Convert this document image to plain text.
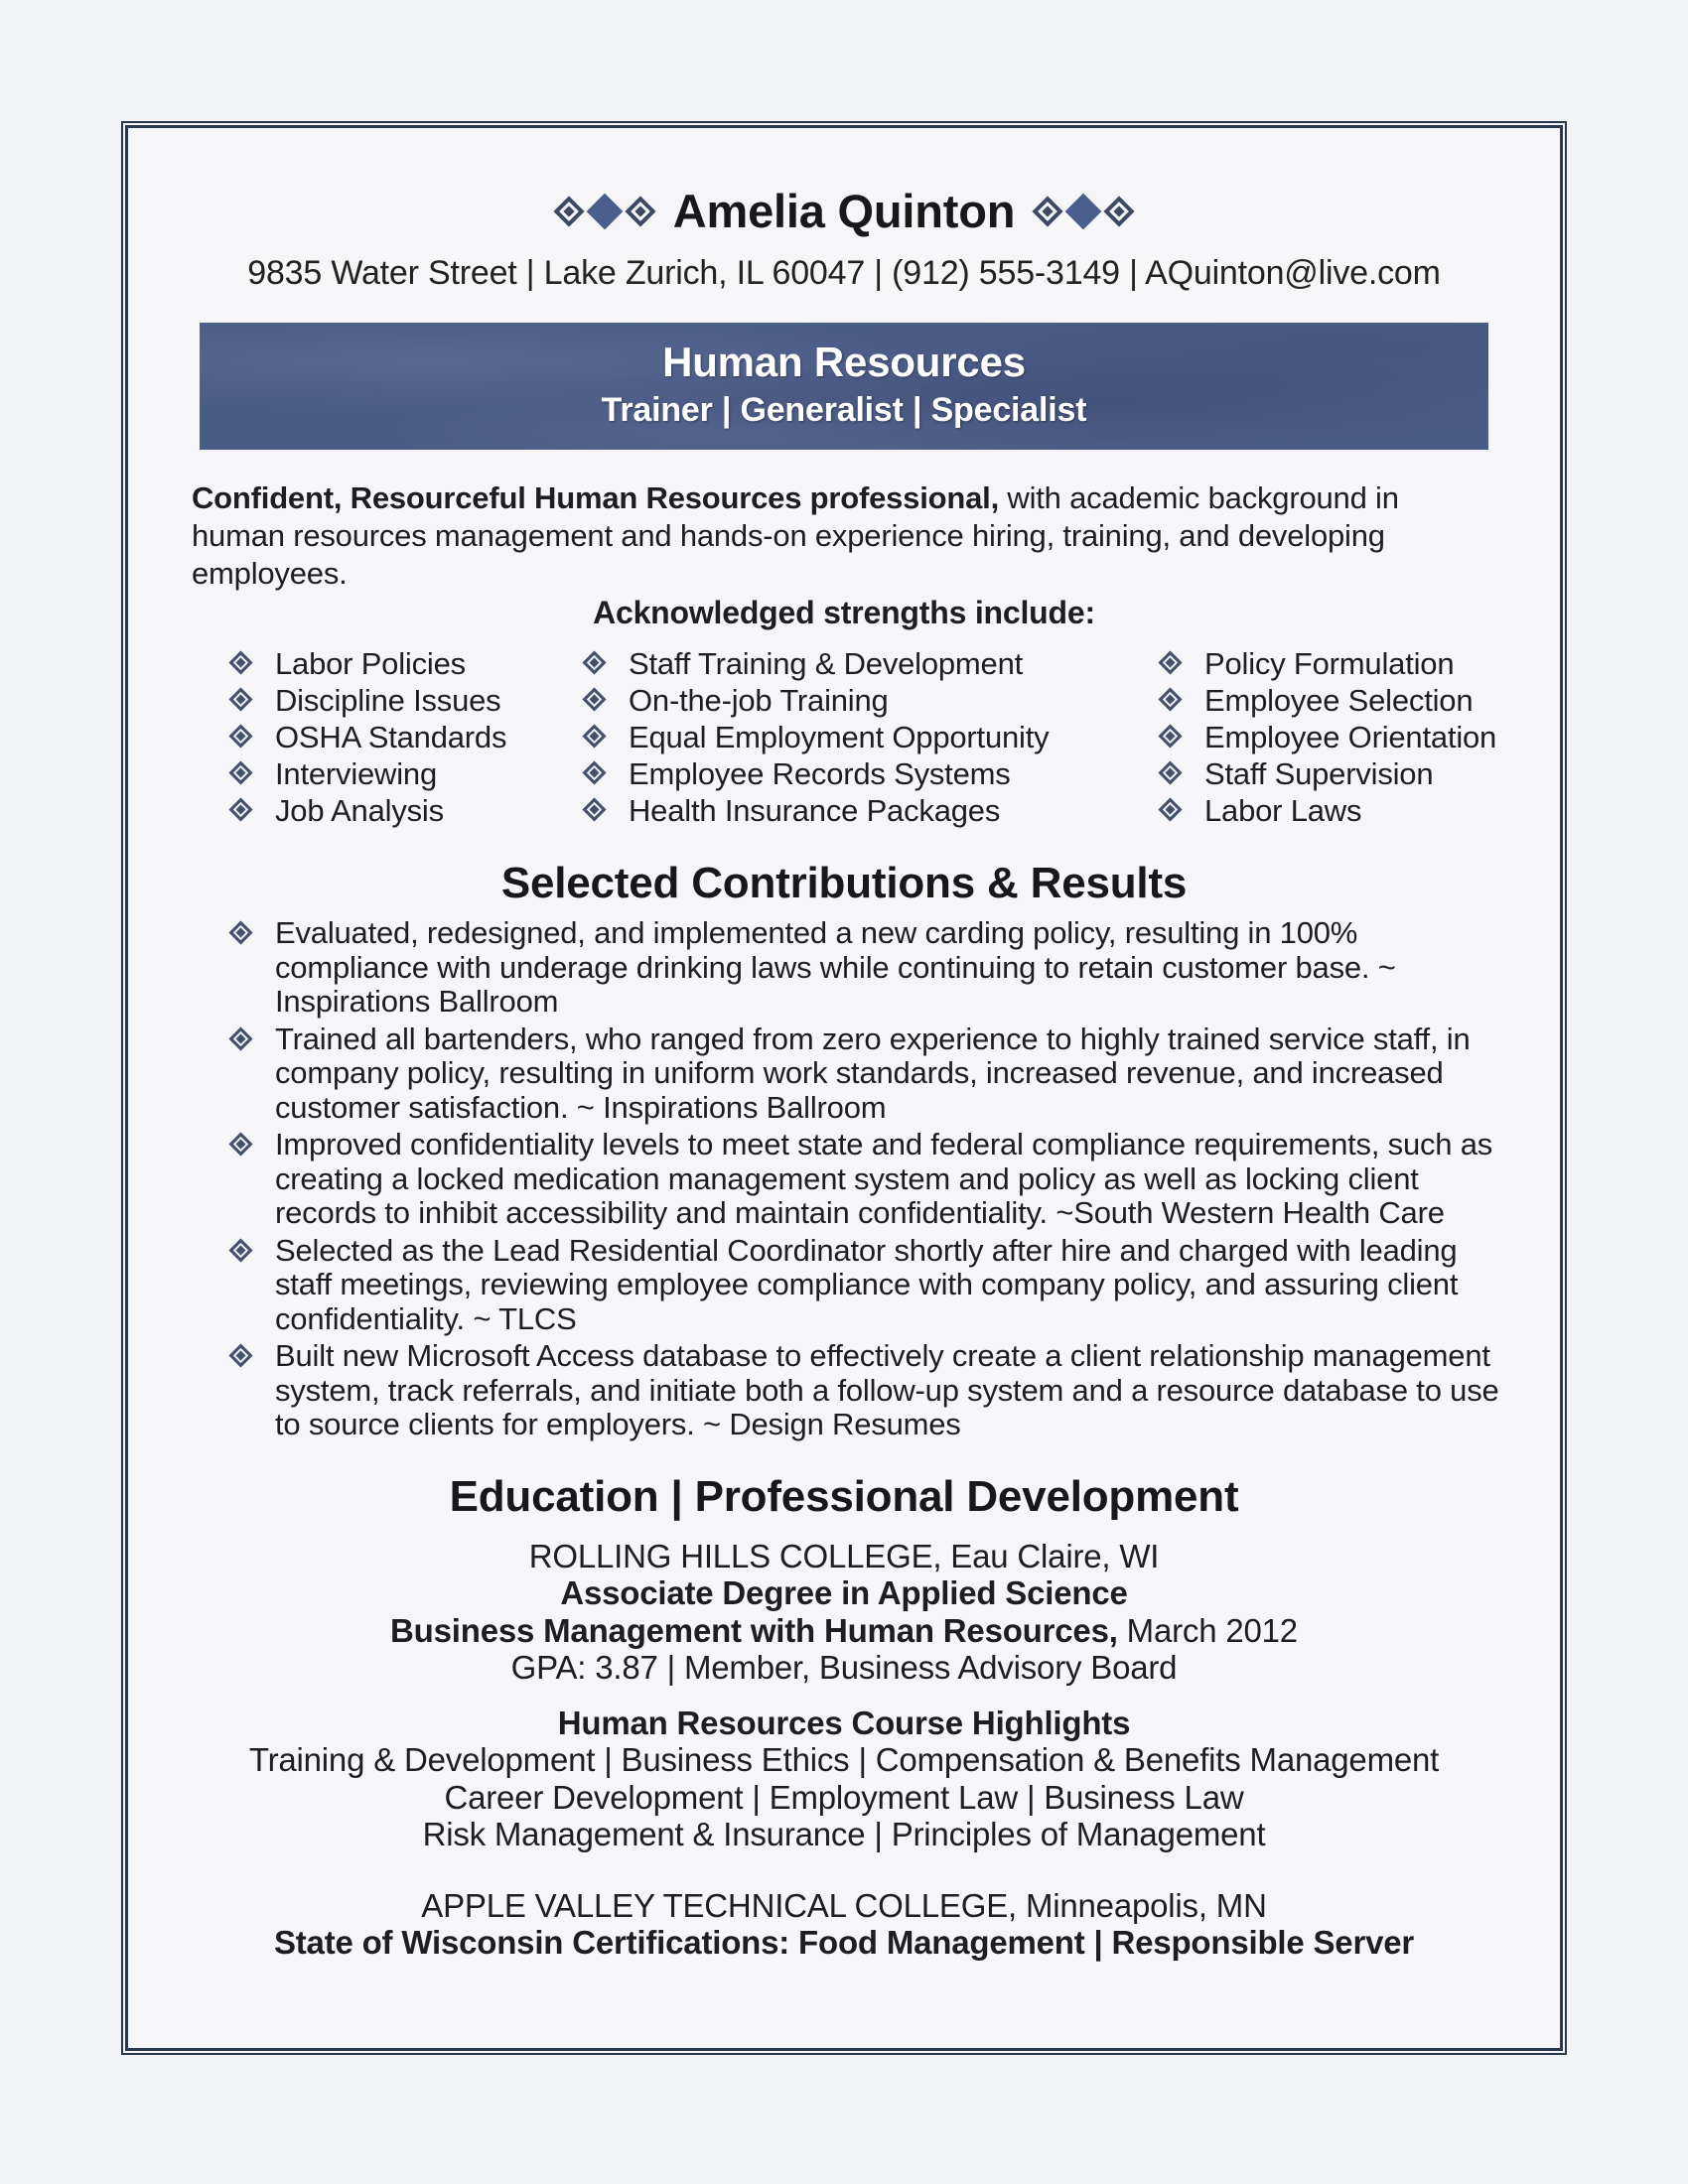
Amelia Quinton
9835 Water Street | Lake Zurich, IL 60047 | (912) 555-3149 | AQuinton@live.com
Human Resources
Trainer | Generalist | Specialist

Confident, Resourceful Human Resources professional, with academic background in human resources management and hands-on experience hiring, training, and developing employees.

Acknowledged strengths include:

Labor Policies
Discipline Issues
OSHA Standards
Interviewing
Job Analysis
Staff Training & Development
On-the-job Training
Equal Employment Opportunity
Employee Records Systems
Health Insurance Packages
Policy Formulation
Employee Selection
Employee Orientation
Staff Supervision
Labor Laws
Selected Contributions & Results
Evaluated, redesigned, and implemented a new carding policy, resulting in 100% compliance with underage drinking laws while continuing to retain customer base. ~ Inspirations Ballroom
Trained all bartenders, who ranged from zero experience to highly trained service staff, in company policy, resulting in uniform work standards, increased revenue, and increased customer satisfaction. ~ Inspirations Ballroom
Improved confidentiality levels to meet state and federal compliance requirements, such as creating a locked medication management system and policy as well as locking client records to inhibit accessibility and maintain confidentiality. ~South Western Health Care
Selected as the Lead Residential Coordinator shortly after hire and charged with leading staff meetings, reviewing employee compliance with company policy, and assuring client confidentiality. ~ TLCS
Built new Microsoft Access database to effectively create a client relationship management system, track referrals, and initiate both a follow-up system and a resource database to use to source clients for employers. ~ Design Resumes
Education | Professional Development
ROLLING HILLS COLLEGE, Eau Claire, WI
Associate Degree in Applied Science
Business Management with Human Resources, March 2012
GPA: 3.87 | Member, Business Advisory Board
Human Resources Course Highlights
Training & Development | Business Ethics | Compensation & Benefits Management
Career Development | Employment Law | Business Law
Risk Management & Insurance | Principles of Management
APPLE VALLEY TECHNICAL COLLEGE, Minneapolis, MN
State of Wisconsin Certifications: Food Management | Responsible Server
